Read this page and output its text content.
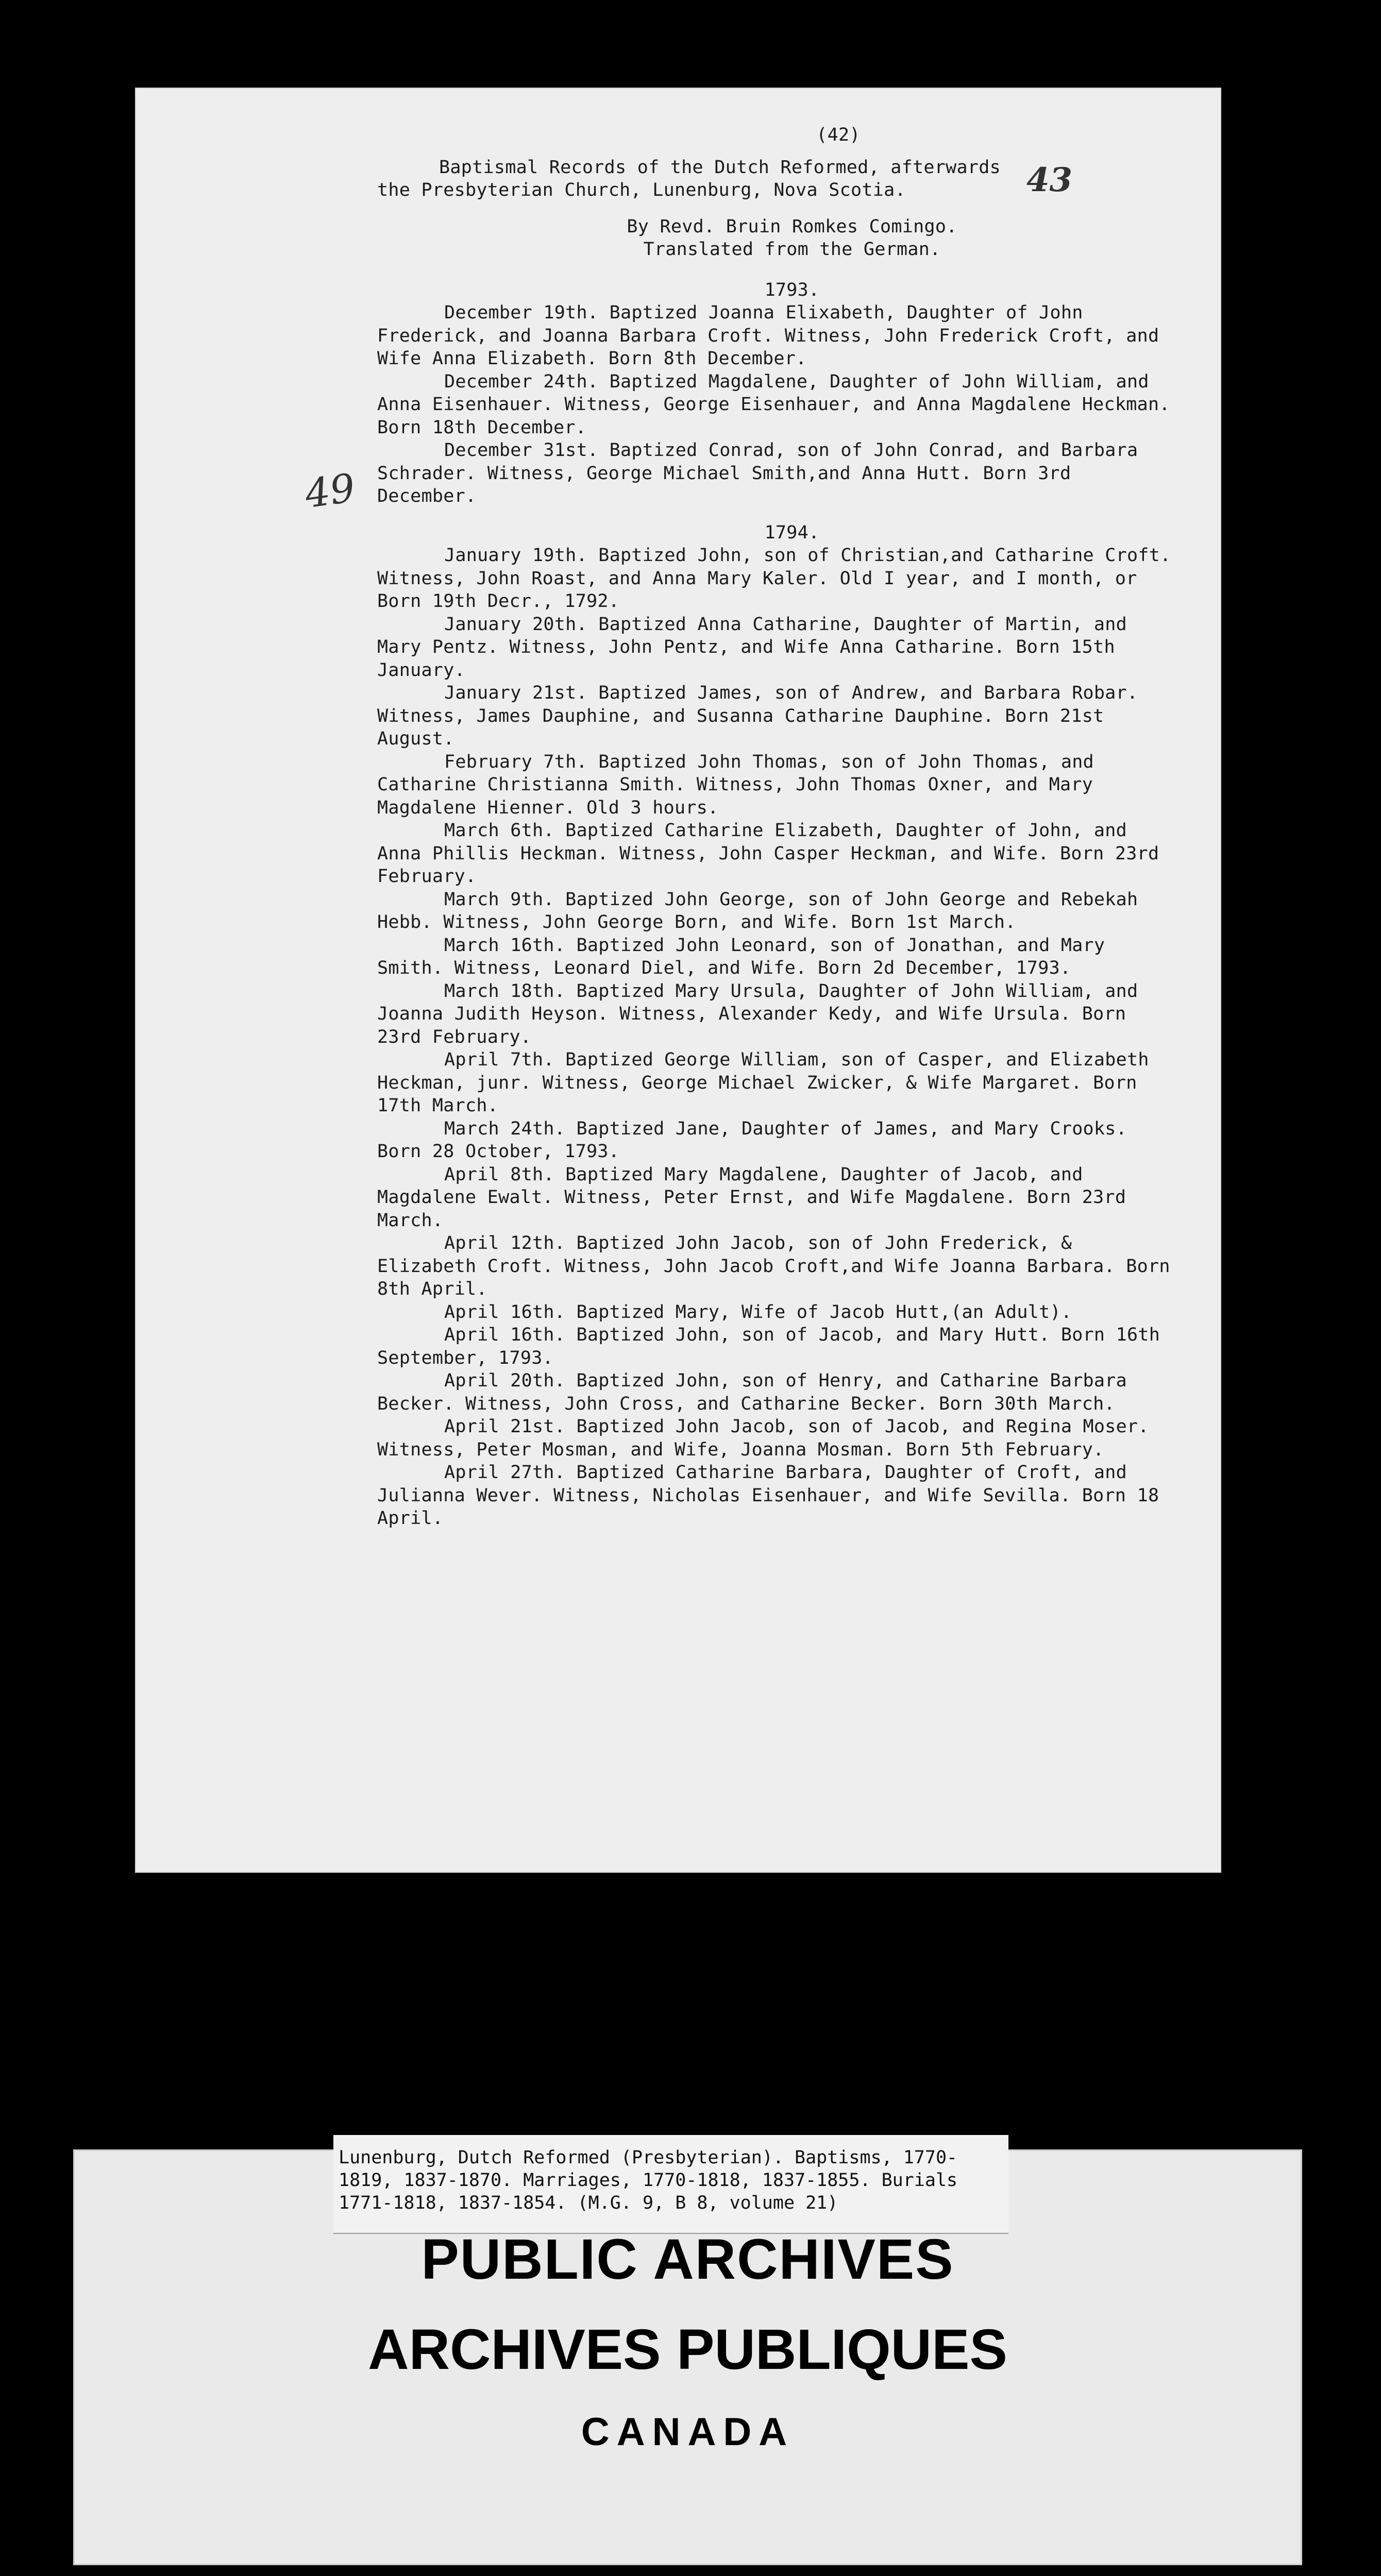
43
49
(42)
Baptismal Records of the Dutch Reformed, afterwards
the Presbyterian Church, Lunenburg, Nova Scotia.
By Revd. Bruin Romkes Comingo.
Translated from the German.
1793.
December 19th. Baptized Joanna Elixabeth, Daughter of John Frederick, and Joanna Barbara Croft. Witness, John Frederick Croft, and Wife Anna Elizabeth. Born 8th December.
December 24th. Baptized Magdalene, Daughter of John William, and Anna Eisenhauer. Witness, George Eisenhauer, and Anna Magdalene Heckman. Born 18th December.
December 31st. Baptized Conrad, son of John Conrad, and Barbara Schrader. Witness, George Michael Smith,and Anna Hutt. Born 3rd December.
1794.
January 19th. Baptized John, son of Christian,and Catharine Croft. Witness, John Roast, and Anna Mary Kaler. Old I year, and I month, or Born 19th Decr., 1792.
January 20th. Baptized Anna Catharine, Daughter of Martin, and Mary Pentz. Witness, John Pentz, and Wife Anna Catharine. Born 15th January.
January 21st. Baptized James, son of Andrew, and Barbara Robar. Witness, James Dauphine, and Susanna Catharine Dauphine. Born 21st August.
February 7th. Baptized John Thomas, son of John Thomas, and Catharine Christianna Smith. Witness, John Thomas Oxner, and Mary Magdalene Hienner. Old 3 hours.
March 6th. Baptized Catharine Elizabeth, Daughter of John, and Anna Phillis Heckman. Witness, John Casper Heckman, and Wife. Born 23rd February.
March 9th. Baptized John George, son of John George and Rebekah Hebb. Witness, John George Born, and Wife. Born 1st March.
March 16th. Baptized John Leonard, son of Jonathan, and Mary Smith. Witness, Leonard Diel, and Wife. Born 2d December, 1793.
March 18th. Baptized Mary Ursula, Daughter of John William, and Joanna Judith Heyson. Witness, Alexander Kedy, and Wife Ursula. Born 23rd February.
April 7th. Baptized George William, son of Casper, and Elizabeth Heckman, junr. Witness, George Michael Zwicker, & Wife Margaret. Born 17th March.
March 24th. Baptized Jane, Daughter of James, and Mary Crooks. Born 28 October, 1793.
April 8th. Baptized Mary Magdalene, Daughter of Jacob, and Magdalene Ewalt. Witness, Peter Ernst, and Wife Magdalene. Born 23rd March.
April 12th. Baptized John Jacob, son of John Frederick, & Elizabeth Croft. Witness, John Jacob Croft,and Wife Joanna Barbara. Born 8th April.
April 16th. Baptized Mary, Wife of Jacob Hutt,(an Adult).
April 16th. Baptized John, son of Jacob, and Mary Hutt. Born 16th September, 1793.
April 20th. Baptized John, son of Henry, and Catharine Barbara Becker. Witness, John Cross, and Catharine Becker. Born 30th March.
April 21st. Baptized John Jacob, son of Jacob, and Regina Moser. Witness, Peter Mosman, and Wife, Joanna Mosman. Born 5th February.
April 27th. Baptized Catharine Barbara, Daughter of Croft, and Julianna Wever. Witness, Nicholas Eisenhauer, and Wife Sevilla. Born 18 April.
Lunenburg, Dutch Reformed (Presbyterian). Baptisms, 1770-
1819, 1837-1870. Marriages, 1770-1818, 1837-1855. Burials
1771-1818, 1837-1854. (M.G. 9, B 8, volume 21)
PUBLIC ARCHIVES
ARCHIVES PUBLIQUES
CANADA
